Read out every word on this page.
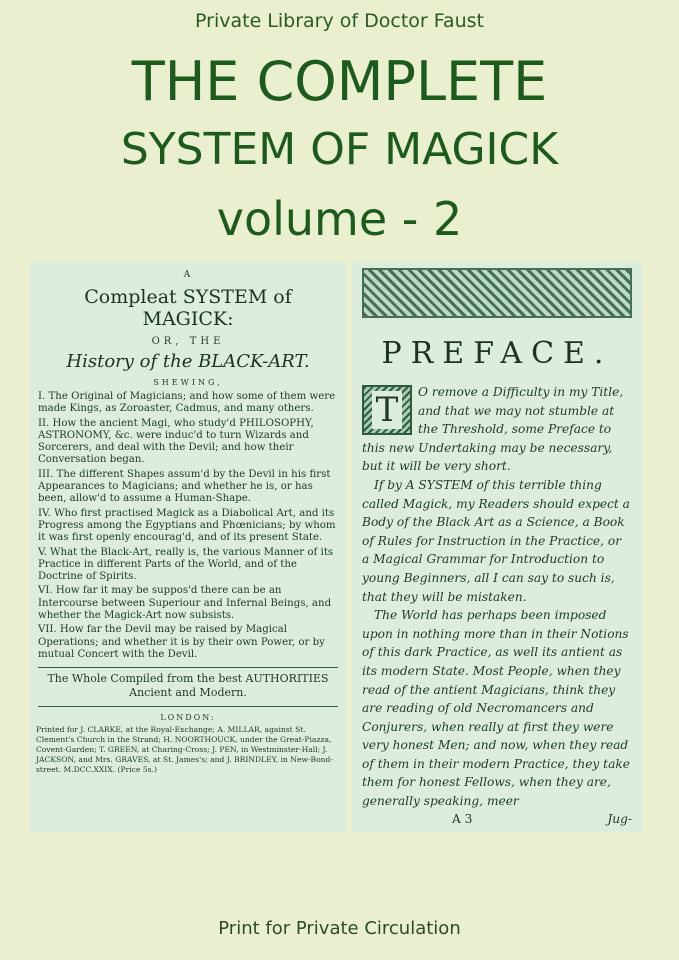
Private Library of Doctor Faust
THE COMPLETE
SYSTEM OF MAGICK
volume - 2
A
Compleat SYSTEM of MAGICK:
OR, THE
History of the BLACK-ART.
SHEWING,
I. The Original of Magicians; and how some of them were made Kings, as Zoroaster, Cadmus, and many others.
II. How the ancient Magi, who study'd PHILOSOPHY, ASTRONOMY, &c. were induc'd to turn Wizards and Sorcerers, and deal with the Devil; and how their Conversation began.
III. The different Shapes assum'd by the Devil in his first Appearances to Magicians; and whether he is, or has been, allow'd to assume a Human-Shape.
IV. Who first practised Magick as a Diabolical Art, and its Progress among the Egyptians and Phœnicians; by whom it was first openly encourag'd, and of its present State.
V. What the Black-Art, really is, the various Manner of its Practice in different Parts of the World, and of the Doctrine of Spirits.
VI. How far it may be suppos'd there can be an Intercourse between Superiour and Infernal Beings, and whether the Magick-Art now subsists.
VII. How far the Devil may be raised by Magical Operations; and whether it is by their own Power, or by mutual Concert with the Devil.
The Whole Compiled from the best AUTHORITIES Ancient and Modern.
LONDON:
Printed for J. CLARKE, at the Royal-Exchange; A. MILLAR, against St. Clement's Church in the Strand; H. NOORTHOUCK, under the Great-Piazza, Covent-Garden; T. GREEN, at Charing-Cross; J. PEN, in Westminster-Hall; J. JACKSON, and Mrs. GRAVES, at St. James's; and J. BRINDLEY, in New-Bond-street. M.DCC.XXIX. (Price 5s.)
PREFACE.

T	O remove a Difficulty in my Title, and that we may not stumble at the Threshold, some Preface to this new Undertaking may be necessary, but it will be very short.

If by A SYSTEM of this terrible thing called Magick, my Readers should expect a Body of the Black Art as a Science, a Book of Rules for Instruction in the Practice, or a Magical Grammar for Introduction to young Beginners, all I can say to such is, that they will be mistaken.

The World has perhaps been imposed upon in nothing more than in their Notions of this dark Practice, as well its antient as its modern State. Most People, when they read of the antient Magicians, think they are reading of old Necromancers and Conjurers, when really at first they were very honest Men; and now, when they read of them in their modern Practice, they take them for honest Fellows, when they are, generally speaking, meer

A 3	Jug-
Print for Private Circulation
